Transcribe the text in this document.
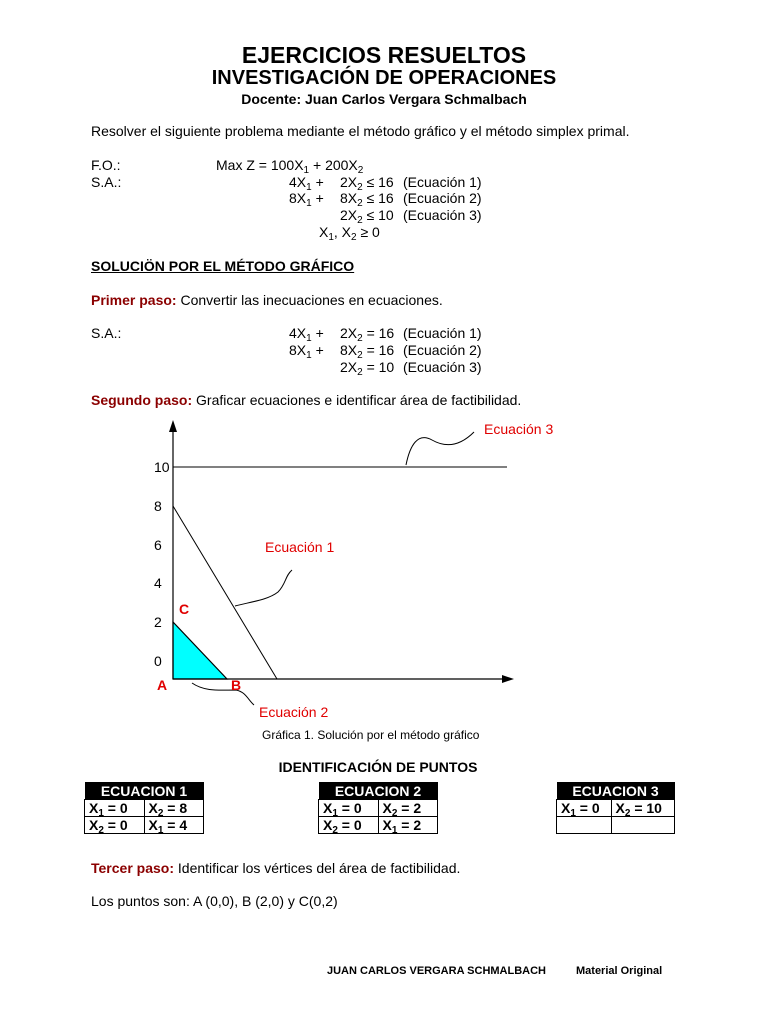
EJERCICIOS RESUELTOS
INVESTIGACIÓN DE OPERACIONES
Docente: Juan Carlos Vergara Schmalbach
Resolver el siguiente problema mediante el método gráfico y el método simplex primal.
F.O.:	Max $Z = 100X_1 + 200X_2$
S.A.:	$4X_1 + 2X_2 \le 16$ (Ecuación 1)
$8X_1 + 8X_2 \le 16$ (Ecuación 2)
$2X_2 \le 10$ (Ecuación 3)
$X_1$, $X_2 \ge 0$
SOLUCIÖN POR EL MÉTODO GRÁFICO
Primer paso: Convertir las inecuaciones en ecuaciones.
S.A.:	$4X_1 + 2X_2 = 16$ (Ecuación 1)
$8X_1 + 8X_2 = 16$ (Ecuación 2)
$2X_2 = 10$ (Ecuación 3)
Segundo paso: Graficar ecuaciones e identificar área de factibilidad.
10
8
6
4
2
0
C
A	B
Ecuación 3
Ecuación 1
Ecuación 2
Gráfica 1. Solución por el método gráfico
IDENTIFICACIÓN DE PUNTOS
ECUACION 1	
$X_1 = 0$	$X_2 = 8$
$X_2 = 0$	$X_1 = 4$
ECUACION 2	
$X_1 = 0$	$X_2 = 2$
$X_2 = 0$	$X_1 = 2$
ECUACION 3	
$X_1 = 0$	$X_2 = 10$

Tercer paso: Identificar los vértices del área de factibilidad.
Los puntos son: A (0,0), B (2,0) y C(0,2)
JUAN CARLOS VERGARA SCHMALBACH	Material Original
